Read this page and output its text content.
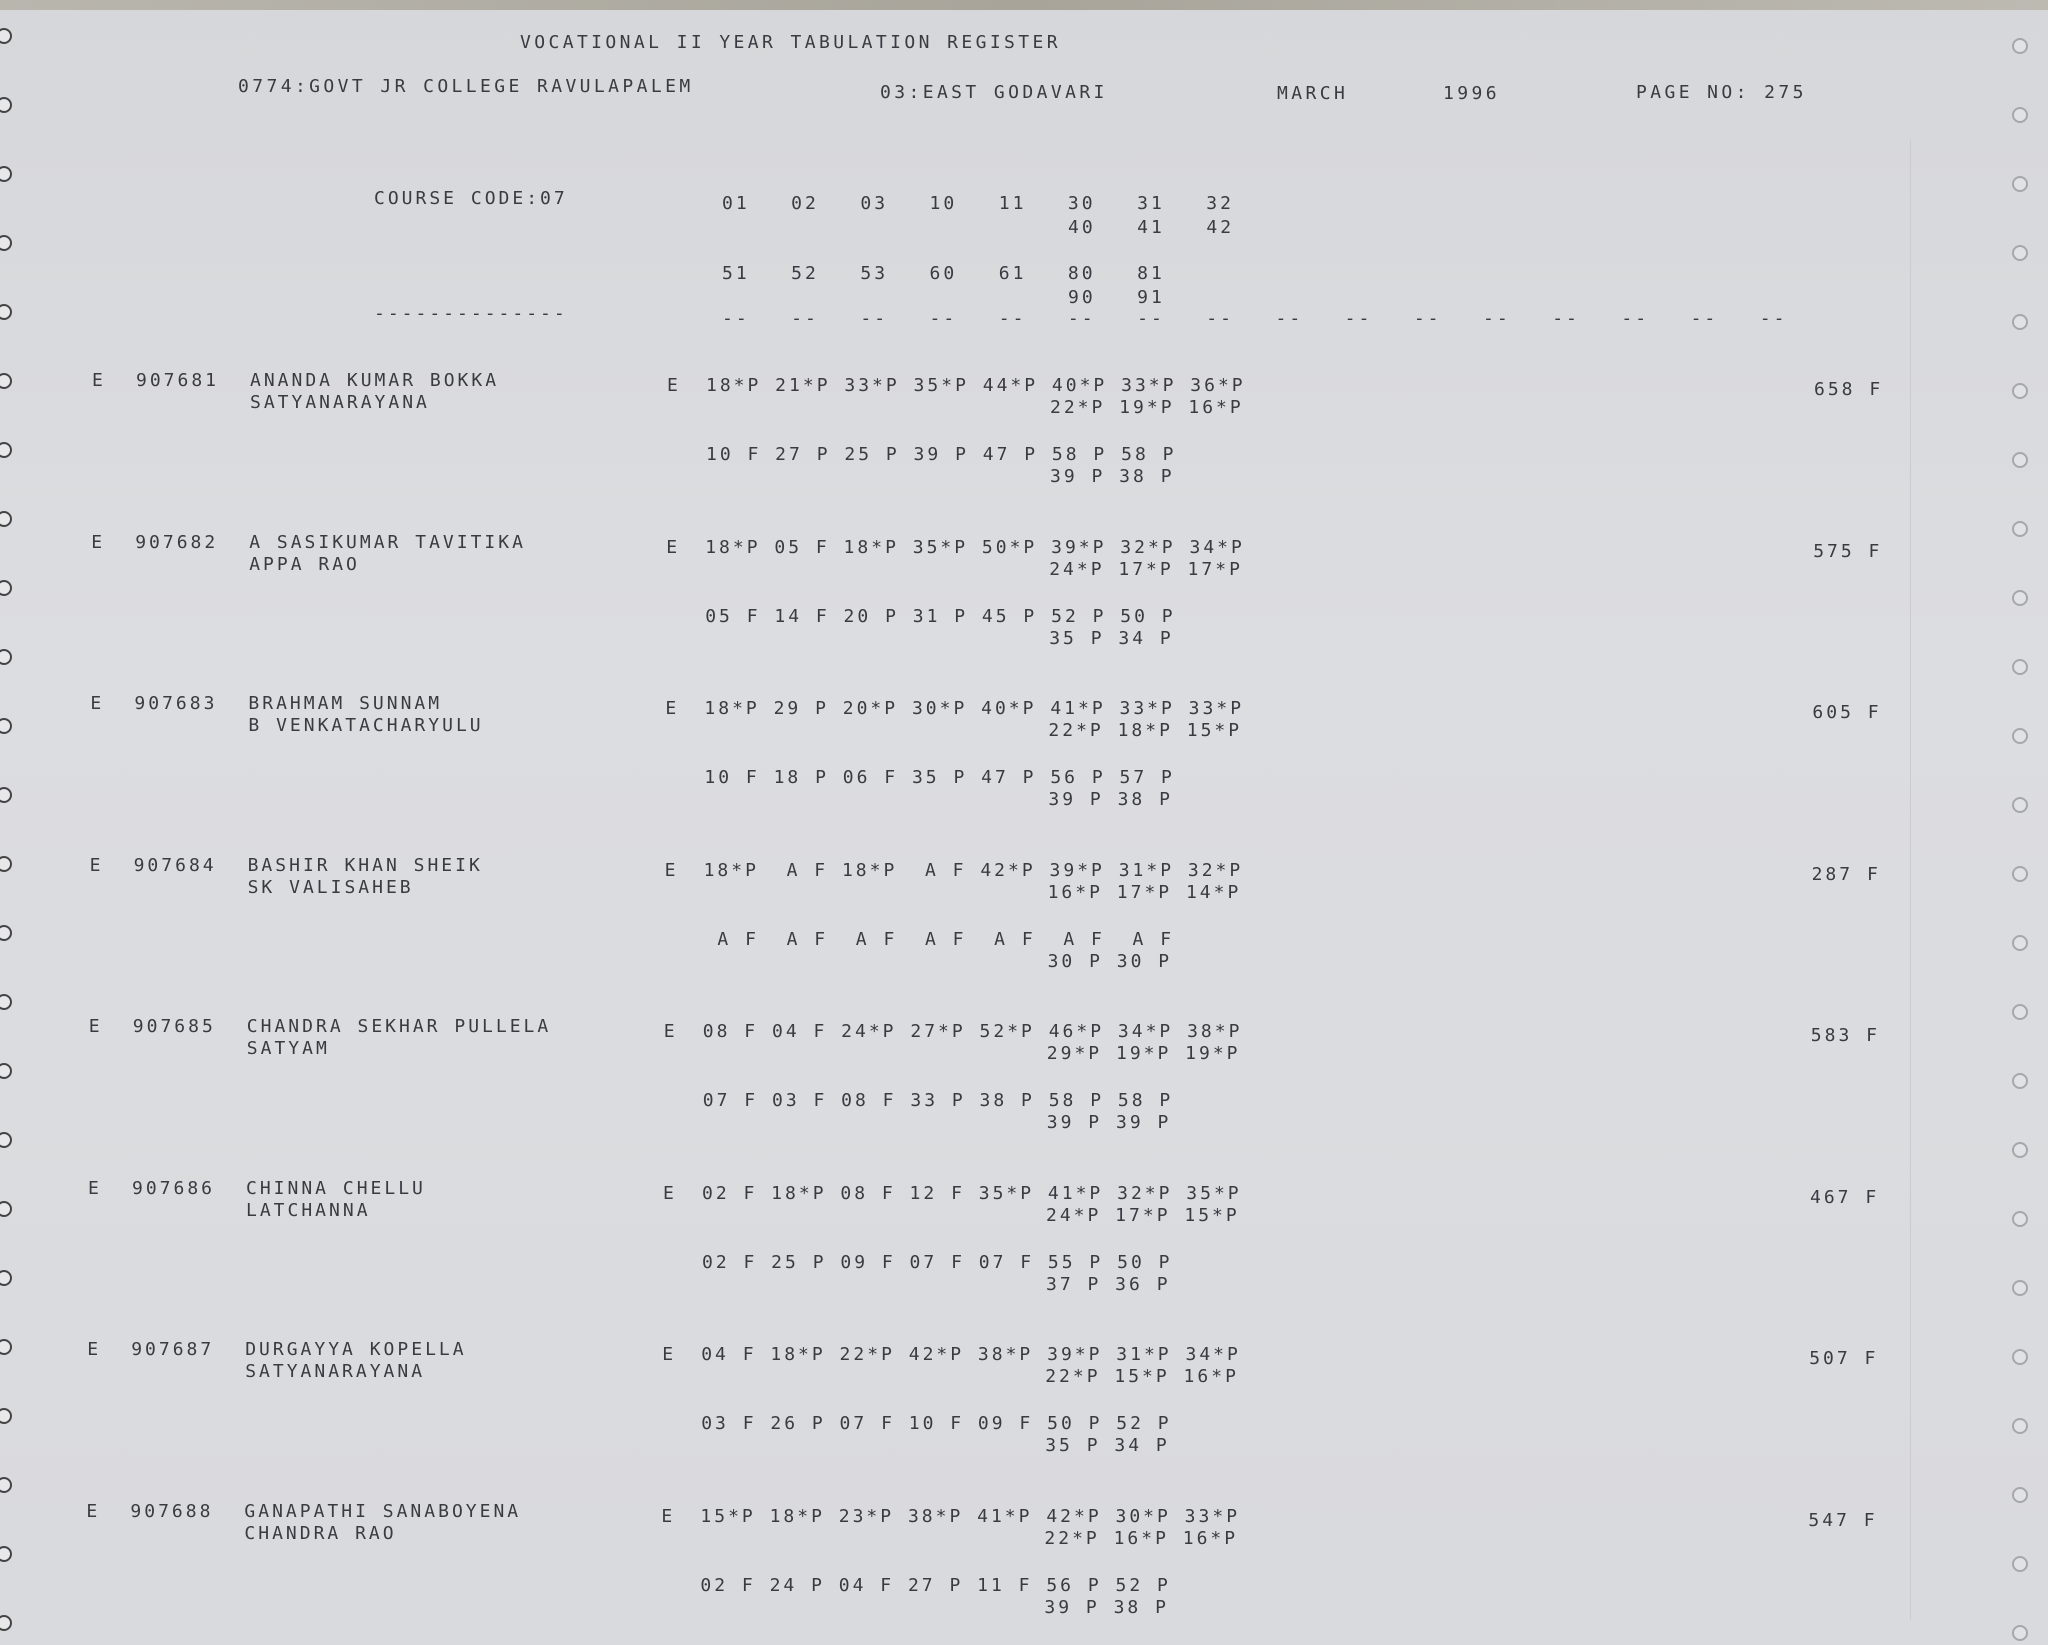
VOCATIONAL II YEAR TABULATION REGISTER
0774:GOVT JR COLLEGE RAVULAPALEM	03:EAST GODAVARI	MARCH	1996	PAGE NO: 275
COURSE CODE:07	01   02   03   10   11   30   31   32
40   41   42
51   52   53   60   61   80   81
90   91
--------------	--   --   --   --   --   --   --   --   --   --   --   --   --   --   --   --
E 907681 ANANDA KUMAR BOKKA
SATYANARAYANA
E 18*P 21*P 33*P 35*P 44*P 40*P 33*P 36*P
22*P 19*P 16*P
10 F 27 P 25 P 39 P 47 P 58 P 58 P
39 P 38 P
658 F
E 907682 A SASIKUMAR TAVITIKA
APPA RAO
E 18*P 05 F 18*P 35*P 50*P 39*P 32*P 34*P
24*P 17*P 17*P
05 F 14 F 20 P 31 P 45 P 52 P 50 P
35 P 34 P
575 F
E 907683 BRAHMAM SUNNAM
B VENKATACHARYULU
E 18*P 29 P 20*P 30*P 40*P 41*P 33*P 33*P
22*P 18*P 15*P
10 F 18 P 06 F 35 P 47 P 56 P 57 P
39 P 38 P
605 F
E 907684 BASHIR KHAN SHEIK
SK VALISAHEB
E 18*P  A F 18*P  A F 42*P 39*P 31*P 32*P
16*P 17*P 14*P
A F  A F  A F  A F  A F  A F  A F
30 P 30 P
287 F
E 907685 CHANDRA SEKHAR PULLELA
SATYAM
E 08 F 04 F 24*P 27*P 52*P 46*P 34*P 38*P
29*P 19*P 19*P
07 F 03 F 08 F 33 P 38 P 58 P 58 P
39 P 39 P
583 F
E 907686 CHINNA CHELLU
LATCHANNA
E 02 F 18*P 08 F 12 F 35*P 41*P 32*P 35*P
24*P 17*P 15*P
02 F 25 P 09 F 07 F 07 F 55 P 50 P
37 P 36 P
467 F
E 907687 DURGAYYA KOPELLA
SATYANARAYANA
E 04 F 18*P 22*P 42*P 38*P 39*P 31*P 34*P
22*P 15*P 16*P
03 F 26 P 07 F 10 F 09 F 50 P 52 P
35 P 34 P
507 F
E 907688 GANAPATHI SANABOYENA
CHANDRA RAO
E 15*P 18*P 23*P 38*P 41*P 42*P 30*P 33*P
22*P 16*P 16*P
02 F 24 P 04 F 27 P 11 F 56 P 52 P
39 P 38 P
547 F
